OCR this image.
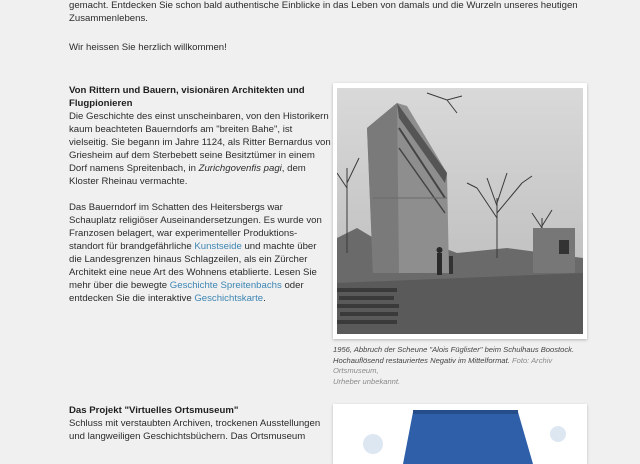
gemacht. Entdecken Sie schon bald authentische Einblicke in das Leben von damals und die Wurzeln unseres heutigen
Zusammenlebens.
Wir heissen Sie herzlich willkommen!
Von Rittern und Bauern, visionären Architekten und Flugpionieren

Die Geschichte des einst unscheinbaren, von den Historikern kaum beachteten Bauerndorfs am "breiten Bahe", ist vielseitig. Sie begann im Jahre 1124, als Ritter Bernardus von Griesheim auf dem Sterbebett seine Besitztümer in einem Dorf namens Spreitenbach, in Zurichgovenfis pagi, dem Kloster Rheinau vermachte.

Das Bauerndorf im Schatten des Heitersbergs war Schauplatz religiöser Auseinandersetzungen. Es wurde von Franzosen belagert, war experimenteller Produktions-standort für brandgefährliche Kunstseide und machte über die Landesgrenzen hinaus Schlagzeilen, als ein Zürcher Architekt eine neue Art des Wohnens etablierte. Lesen Sie mehr über die bewegte Geschichte Spreitenbachs oder entdecken Sie die interaktive Geschichtskarte.

1956, Abbruch der Scheune "Alois Füglister" beim Schulhaus Boostock.
Hochauflösend restauriertes Negativ im Mittelformat. Foto: Archiv Ortsmuseum,
Urheber unbekannt.
Das Projekt "Virtuelles Ortsmuseum"

Schluss mit verstaubten Archiven, trockenen Ausstellungen und langweiligen Geschichtsbüchern. Das Ortsmuseum
